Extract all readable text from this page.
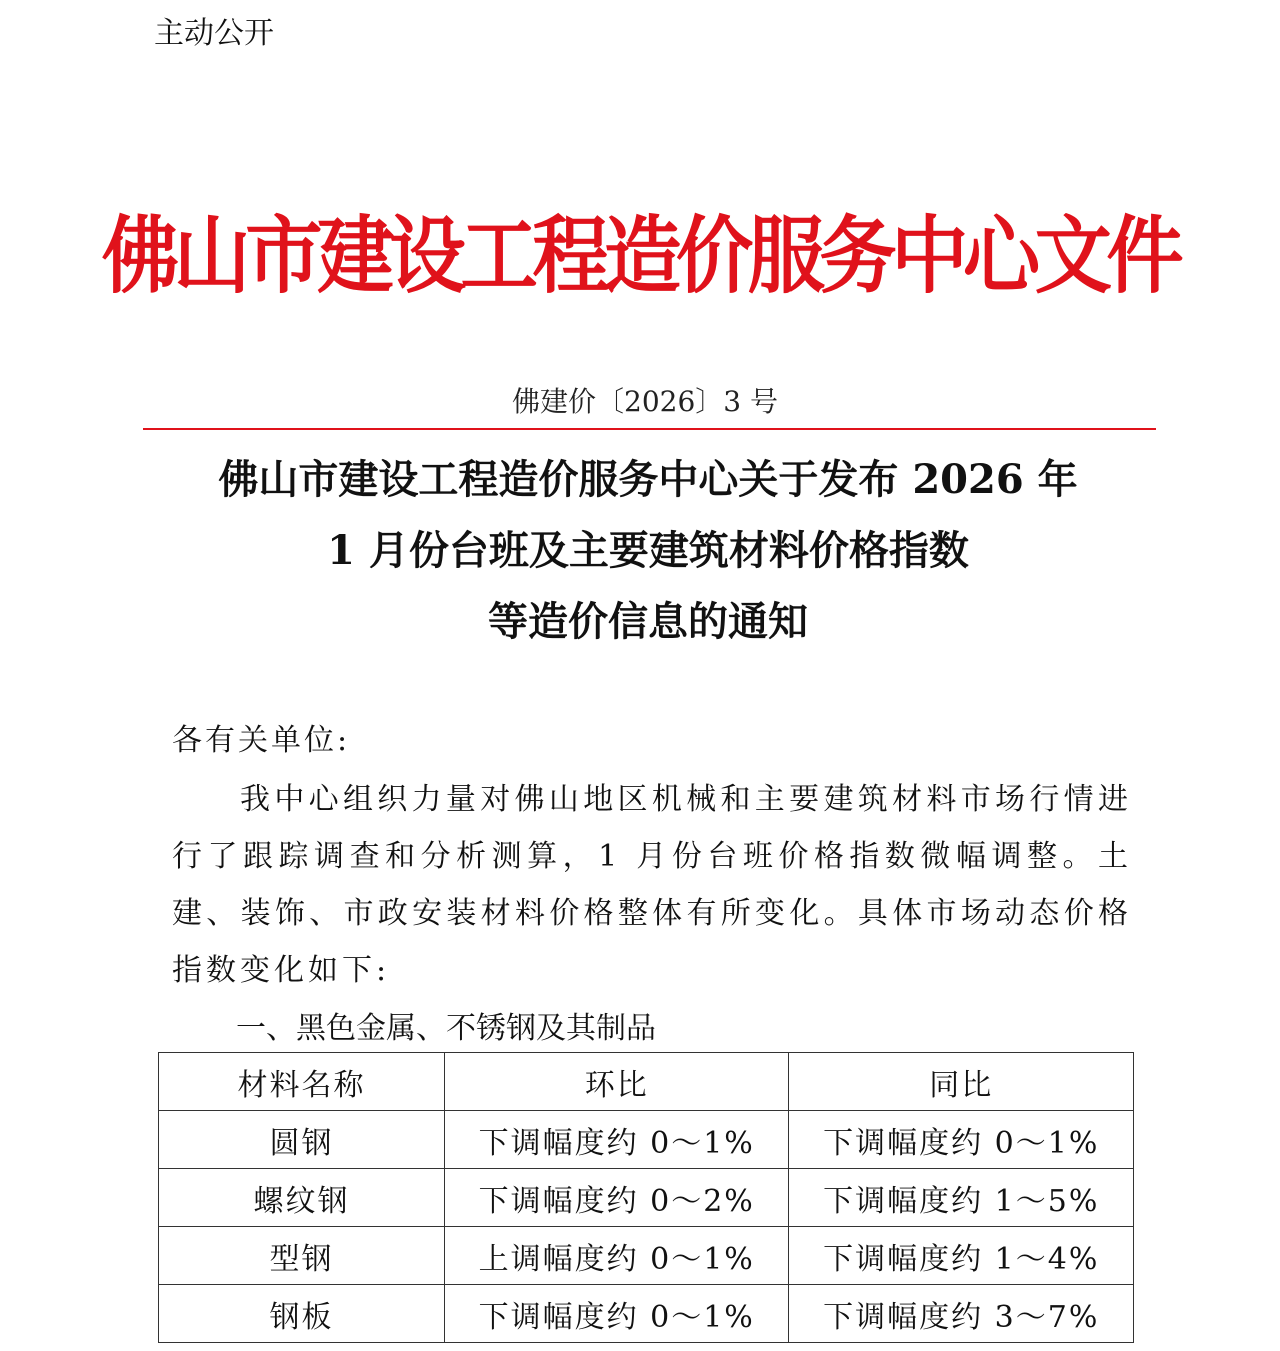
主动公开
佛山市建设工程造价服务中心文件
佛建价〔2026〕3 号
佛山市建设工程造价服务中心关于发布 2026 年
1 月份台班及主要建筑材料价格指数
等造价信息的通知
各有关单位:
我中心组织力量对佛山地区机械和主要建筑材料市场行情进行了跟踪调查和分析测算，1 月份台班价格指数微幅调整。土建、装饰、市政安装材料价格整体有所变化。具体市场动态价格指数变化如下:
一、黑色金属、不锈钢及其制品
材料名称	环比	同比
圆钢	下调幅度约 0～1%	下调幅度约 0～1%
螺纹钢	下调幅度约 0～2%	下调幅度约 1～5%
型钢	上调幅度约 0～1%	下调幅度约 1～4%
钢板	下调幅度约 0～1%	下调幅度约 3～7%
